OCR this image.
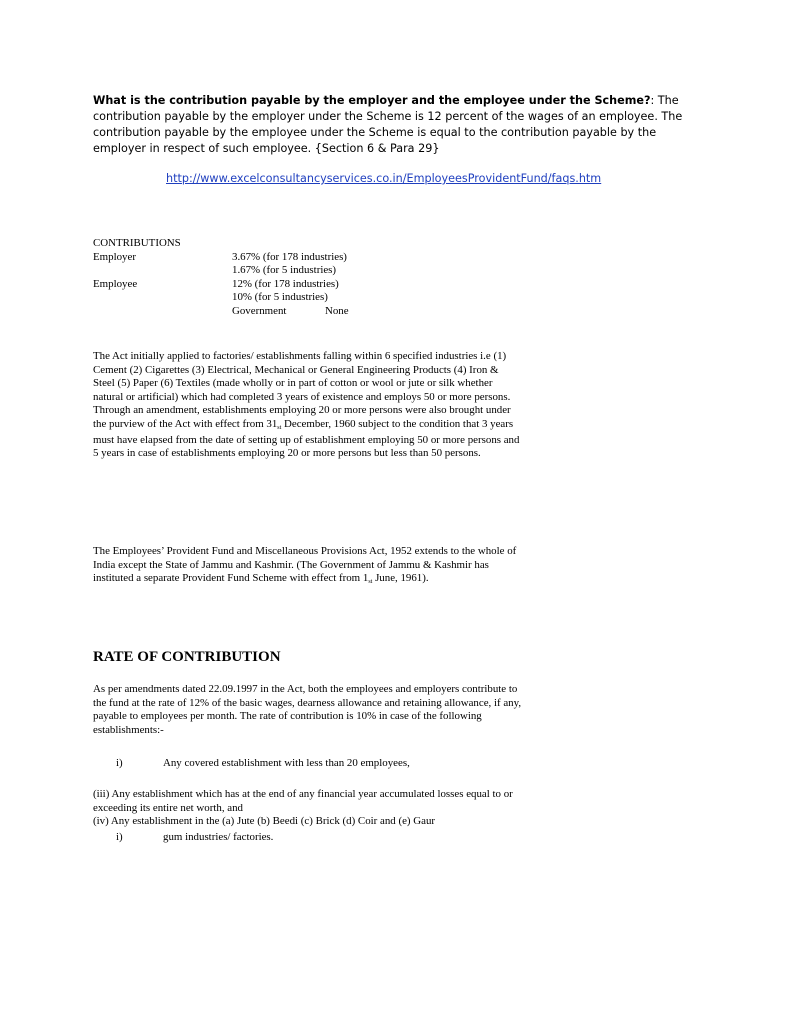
What is the contribution payable by the employer and the employee under the Scheme?: The contribution payable by the employer under the Scheme is 12 percent of the wages of an employee. The contribution payable by the employee under the Scheme is equal to the contribution payable by the employer in respect of such employee. {Section 6 & Para 29}

http://www.excelconsultancyservices.co.in/EmployeesProvidentFund/faqs.htm
CONTRIBUTIONS
Employer	3.67% (for 178 industries)
1.67% (for 5 industries)
Employee	12% (for 178 industries)
10% (for 5 industries)
Government	None

The Act initially applied to factories/ establishments falling within 6 specified industries i.e (1) Cement (2) Cigarettes (3) Electrical, Mechanical or General Engineering Products (4) Iron & Steel (5) Paper (6) Textiles (made wholly or in part of cotton or wool or jute or silk whether natural or artificial) which had completed 3 years of existence and employs 50 or more persons. Through an amendment, establishments employing 20 or more persons were also brought under the purview of the Act with effect from 31st December, 1960 subject to the condition that 3 years must have elapsed from the date of setting up of establishment employing 50 or more persons and 5 years in case of establishments employing 20 or more persons but less than 50 persons.

The Employees’ Provident Fund and Miscellaneous Provisions Act, 1952 extends to the whole of India except the State of Jammu and Kashmir. (The Government of Jammu & Kashmir has instituted a separate Provident Fund Scheme with effect from 1st June, 1961).

RATE OF CONTRIBUTION

As per amendments dated 22.09.1997 in the Act, both the employees and employers contribute to the fund at the rate of 12% of the basic wages, dearness allowance and retaining allowance, if any, payable to employees per month. The rate of contribution is 10% in case of the following establishments:-

i)	Any covered establishment with less than 20 employees,
(iii) Any establishment which has at the end of any financial year accumulated losses equal to or exceeding its entire net worth, and
(iv) Any establishment in the (a) Jute (b) Beedi (c) Brick (d) Coir and (e) Gaur
i)	gum industries/ factories.
